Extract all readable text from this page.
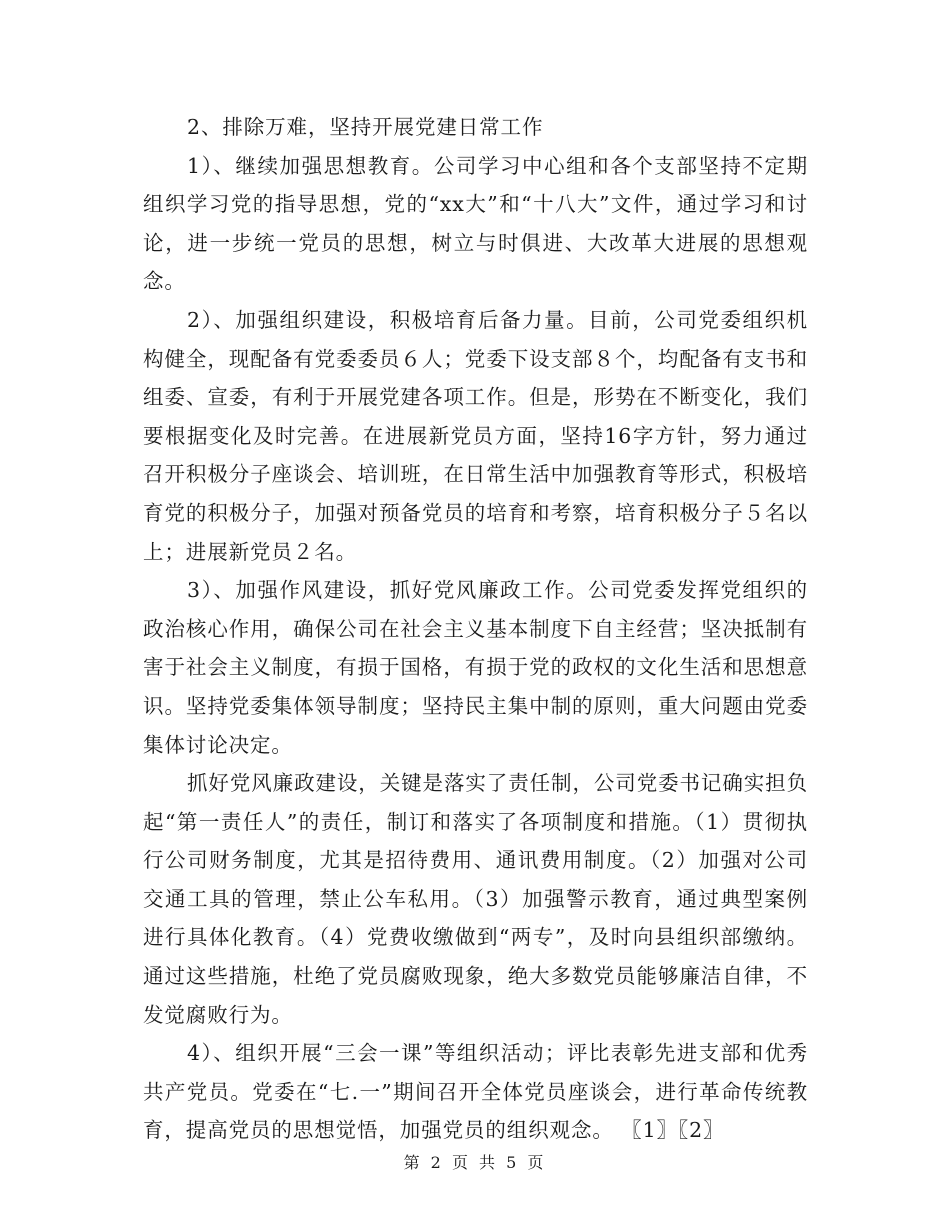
2、排除万难，坚持开展党建日常工作

1）、继续加强思想教育。公司学习中心组和各个支部坚持不定期组织学习党的指导思想，党的“xx大”和“十八大”文件，通过学习和讨论，进一步统一党员的思想，树立与时俱进、大改革大进展的思想观念。

2）、加强组织建设，积极培育后备力量。目前，公司党委组织机构健全，现配备有党委委员６人；党委下设支部８个，均配备有支书和组委、宣委，有利于开展党建各项工作。但是，形势在不断变化，我们要根据变化及时完善。在进展新党员方面，坚持16字方针，努力通过召开积极分子座谈会、培训班，在日常生活中加强教育等形式，积极培育党的积极分子，加强对预备党员的培育和考察，培育积极分子５名以上；进展新党员２名。

3）、加强作风建设，抓好党风廉政工作。公司党委发挥党组织的政治核心作用，确保公司在社会主义基本制度下自主经营；坚决抵制有害于社会主义制度，有损于国格，有损于党的政权的文化生活和思想意识。坚持党委集体领导制度；坚持民主集中制的原则，重大问题由党委集体讨论决定。

抓好党风廉政建设，关键是落实了责任制，公司党委书记确实担负起“第一责任人”的责任，制订和落实了各项制度和措施。（1）贯彻执行公司财务制度，尤其是招待费用、通讯费用制度。（2）加强对公司交通工具的管理，禁止公车私用。（3）加强警示教育，通过典型案例进行具体化教育。（4）党费收缴做到“两专”，及时向县组织部缴纳。通过这些措施，杜绝了党员腐败现象，绝大多数党员能够廉洁自律，不发觉腐败行为。

4）、组织开展“三会一课”等组织活动；评比表彰先进支部和优秀共产党员。党委在“七.一”期间召开全体党员座谈会，进行革命传统教育，提高党员的思想觉悟，加强党员的组织观念。 〖1〗〖2〗

第 2 页 共 5 页
